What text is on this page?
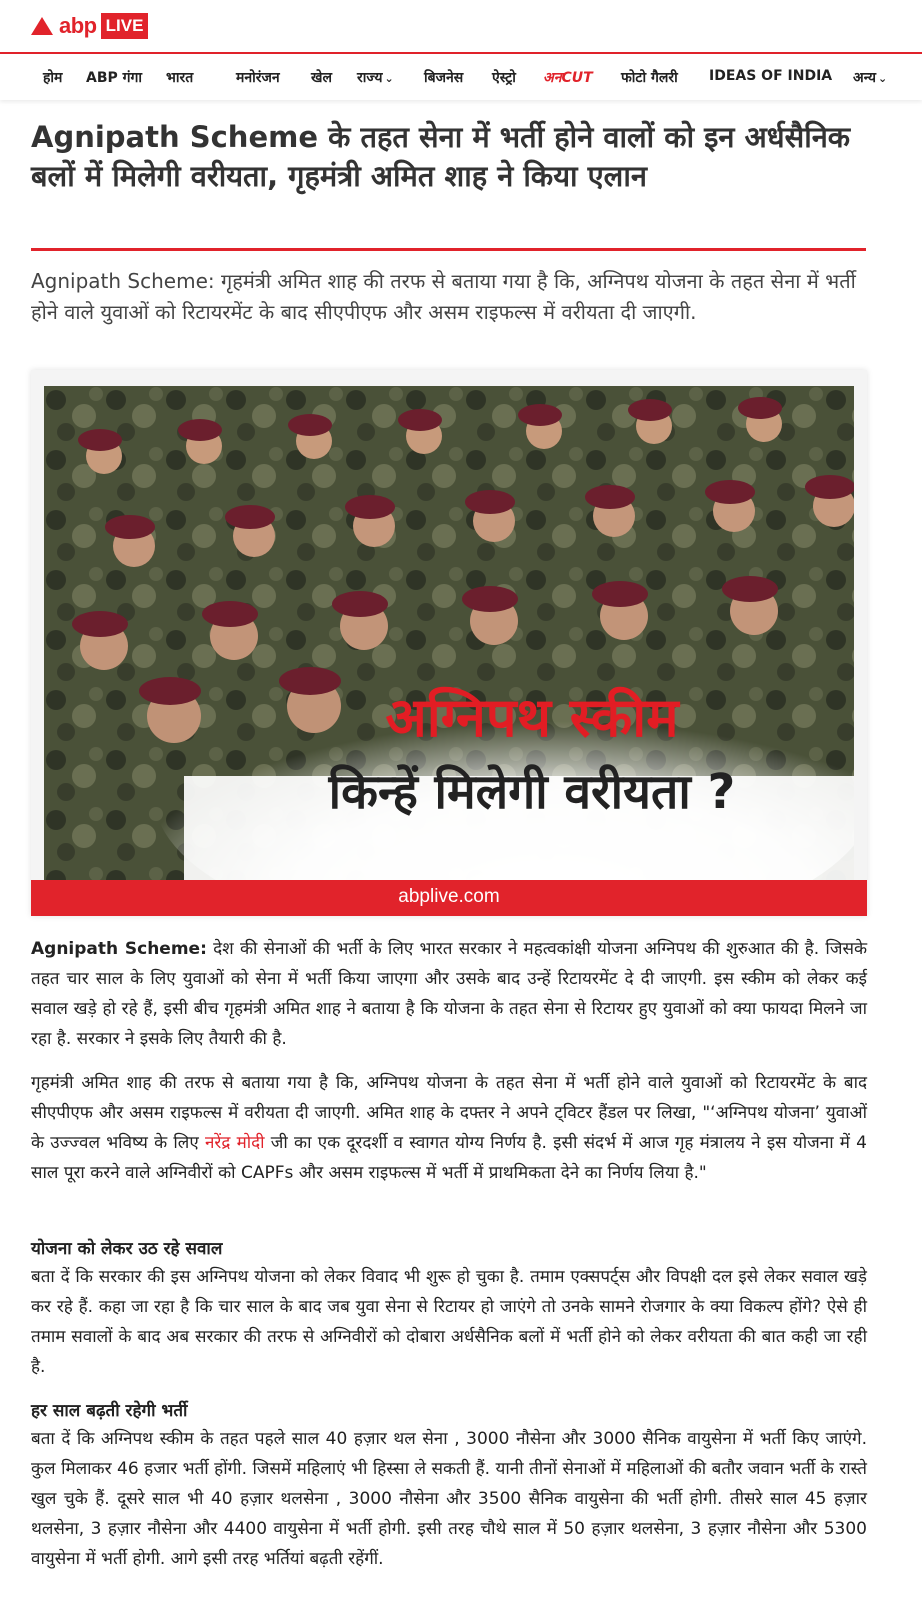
abp LIVE
होम ABP गंगा भारत	मनोरंजन खेल राज्य ⌄ बिजनेस ऐस्ट्रो अनCUT फोटो गैलरी IDEAS OF INDIA अन्य ⌄
Agnipath Scheme के तहत सेना में भर्ती होने वालों को इन अर्धसैनिक बलों में मिलेगी वरीयता, गृहमंत्री अमित शाह ने किया एलान

Agnipath Scheme: गृहमंत्री अमित शाह की तरफ से बताया गया है कि, अग्निपथ योजना के तहत सेना में भर्ती होने वाले युवाओं को रिटायरमेंट के बाद सीएपीएफ और असम राइफल्स में वरीयता दी जाएगी.

अग्निपथ स्कीम
किन्हें मिलेगी वरीयता ?
abplive.com

Agnipath Scheme: देश की सेनाओं की भर्ती के लिए भारत सरकार ने महत्वकांक्षी योजना अग्निपथ की शुरुआत की है. जिसके तहत चार साल के लिए युवाओं को सेना में भर्ती किया जाएगा और उसके बाद उन्हें रिटायरमेंट दे दी जाएगी. इस स्कीम को लेकर कई सवाल खड़े हो रहे हैं, इसी बीच गृहमंत्री अमित शाह ने बताया है कि योजना के तहत सेना से रिटायर हुए युवाओं को क्या फायदा मिलने जा रहा है. सरकार ने इसके लिए तैयारी की है.

गृहमंत्री अमित शाह की तरफ से बताया गया है कि, अग्निपथ योजना के तहत सेना में भर्ती होने वाले युवाओं को रिटायरमेंट के बाद सीएपीएफ और असम राइफल्स में वरीयता दी जाएगी. अमित शाह के दफ्तर ने अपने ट्विटर हैंडल पर लिखा, "‘अग्निपथ योजना’ युवाओं के उज्ज्वल भविष्य के लिए नरेंद्र मोदी जी का एक दूरदर्शी व स्वागत योग्य निर्णय है. इसी संदर्भ में आज गृह मंत्रालय ने इस योजना में 4 साल पूरा करने वाले अग्निवीरों को CAPFs और असम राइफल्स में भर्ती में प्राथमिकता देने का निर्णय लिया है."

योजना को लेकर उठ रहे सवाल

बता दें कि सरकार की इस अग्निपथ योजना को लेकर विवाद भी शुरू हो चुका है. तमाम एक्सपर्ट्स और विपक्षी दल इसे लेकर सवाल खड़े कर रहे हैं. कहा जा रहा है कि चार साल के बाद जब युवा सेना से रिटायर हो जाएंगे तो उनके सामने रोजगार के क्या विकल्प होंगे? ऐसे ही तमाम सवालों के बाद अब सरकार की तरफ से अग्निवीरों को दोबारा अर्धसैनिक बलों में भर्ती होने को लेकर वरीयता की बात कही जा रही है.

हर साल बढ़ती रहेगी भर्ती

बता दें कि अग्निपथ स्कीम के तहत पहले साल 40 हज़ार थल सेना , 3000 नौसेना और 3000 सैनिक वायुसेना में भर्ती किए जाएंगे. कुल मिलाकर 46 हजार भर्ती होंगी. जिसमें महिलाएं भी हिस्सा ले सकती हैं. यानी तीनों सेनाओं में महिलाओं की बतौर जवान भर्ती के रास्ते खुल चुके हैं. दूसरे साल भी 40 हज़ार थलसेना , 3000 नौसेना और 3500 सैनिक वायुसेना की भर्ती होगी. तीसरे साल 45 हज़ार थलसेना, 3 हज़ार नौसेना और 4400 वायुसेना में भर्ती होगी. इसी तरह चौथे साल में 50 हज़ार थलसेना, 3 हज़ार नौसेना और 5300 वायुसेना में भर्ती होगी. आगे इसी तरह भर्तियां बढ़ती रहेंगीं.
